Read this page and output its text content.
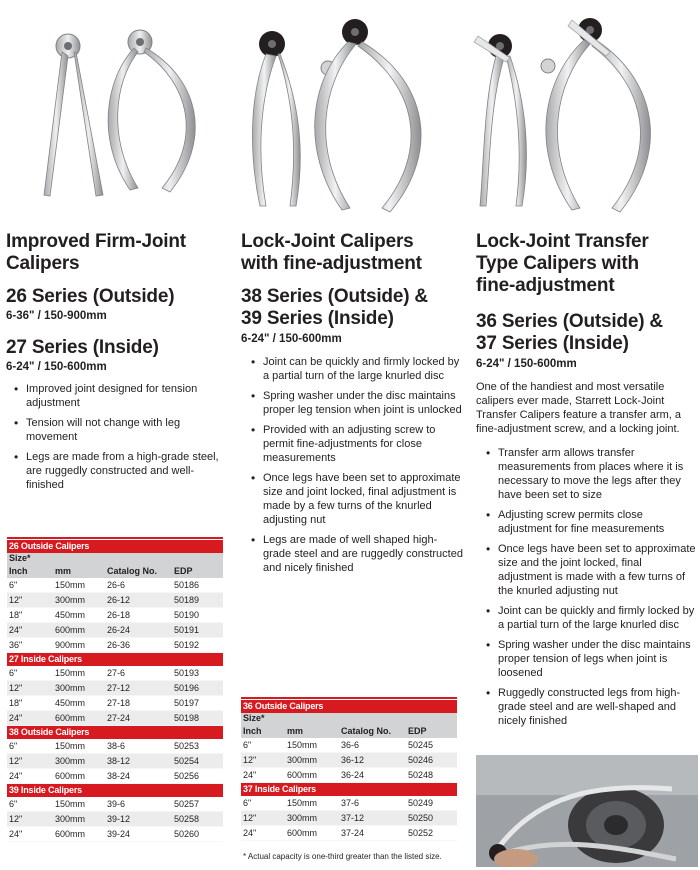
Improved Firm-Joint
Calipers
26 Series (Outside)
6-36" / 150-900mm
27 Series (Inside)
6-24" / 150-600mm
• Improved joint designed for tension adjustment
• Tension will not change with leg movement
• Legs are made from a high-grade steel, are ruggedly constructed and well-finished
Lock-Joint Calipers
with fine-adjustment
38 Series (Outside) &
39 Series (Inside)
6-24" / 150-600mm
• Joint can be quickly and firmly locked by a partial turn of the large knurled disc
• Spring washer under the disc maintains proper leg tension when joint is unlocked
• Provided with an adjusting screw to permit fine-adjustments for close measurements
• Once legs have been set to approximate size and joint locked, final adjustment is made by a few turns of the knurled adjusting nut
• Legs are made of well shaped high-grade steel and are ruggedly constructed and nicely finished
Lock-Joint Transfer
Type Calipers with
fine-adjustment
36 Series (Outside) &
37 Series (Inside)
6-24" / 150-600mm
One of the handiest and most versatile calipers ever made, Starrett Lock-Joint Transfer Calipers feature a transfer arm, a fine-adjustment screw, and a locking joint.
• Transfer arm allows transfer measurements from places where it is necessary to move the legs after they have been set to size
• Adjusting screw permits close adjustment for fine measurements
• Once legs have been set to approximate size and the joint locked, final adjustment is made with a few turns of the knurled adjusting nut
• Joint can be quickly and firmly locked by a partial turn of the large knurled disc
• Spring washer under the disc maintains proper tension of legs when joint is loosened
• Ruggedly constructed legs from high-grade steel and are well-shaped and nicely finished
26 Outside Calipers			
Size*			
Inch	mm	Catalog No.	EDP
6"	150mm	26-6	50186
12"	300mm	26-12	50189
18"	450mm	26-18	50190
24"	600mm	26-24	50191
36"	900mm	26-36	50192
27 Inside Calipers			
6"	150mm	27-6	50193
12"	300mm	27-12	50196
18"	450mm	27-18	50197
24"	600mm	27-24	50198
38 Outside Calipers			
6"	150mm	38-6	50253
12"	300mm	38-12	50254
24"	600mm	38-24	50256
39 Inside Calipers			
6"	150mm	39-6	50257
12"	300mm	39-12	50258
24"	600mm	39-24	50260
36 Outside Calipers			
Size*			
Inch	mm	Catalog No.	EDP
6"	150mm	36-6	50245
12"	300mm	36-12	50246
24"	600mm	36-24	50248
37 Inside Calipers			
6"	150mm	37-6	50249
12"	300mm	37-12	50250
24"	600mm	37-24	50252
* Actual capacity is one-third greater than the listed size.
